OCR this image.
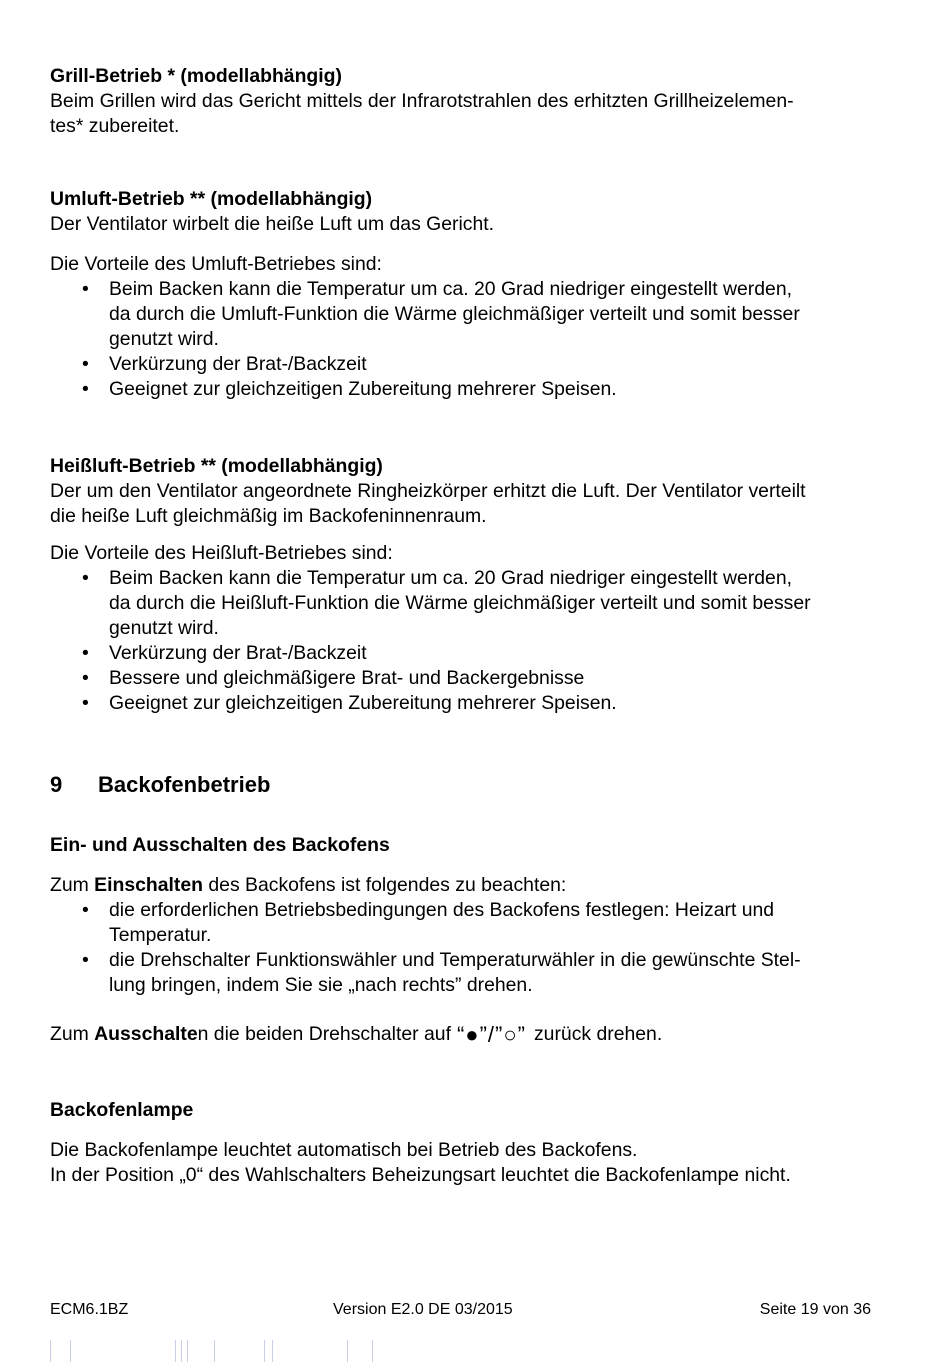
Grill-Betrieb * (modellabhängig)

Beim Grillen wird das Gericht mittels der Infrarotstrahlen des erhitzten Grillheizelemen-

tes* zubereitet.

Umluft-Betrieb ** (modellabhängig)

Der Ventilator wirbelt die heiße Luft um das Gericht.

Die Vorteile des Umluft-Betriebes sind:

• Beim Backen kann die Temperatur um ca. 20 Grad niedriger eingestellt werden,
da durch die Umluft-Funktion die Wärme gleichmäßiger verteilt und somit besser
genutzt wird.
• Verkürzung der Brat-/Backzeit
• Geeignet zur gleichzeitigen Zubereitung mehrerer Speisen.

Heißluft-Betrieb ** (modellabhängig)

Der um den Ventilator angeordnete Ringheizkörper erhitzt die Luft. Der Ventilator verteilt

die heiße Luft gleichmäßig im Backofeninnenraum.

Die Vorteile des Heißluft-Betriebes sind:

• Beim Backen kann die Temperatur um ca. 20 Grad niedriger eingestellt werden,
da durch die Heißluft-Funktion die Wärme gleichmäßiger verteilt und somit besser
genutzt wird.
• Verkürzung der Brat-/Backzeit
• Bessere und gleichmäßigere Brat- und Backergebnisse
• Geeignet zur gleichzeitigen Zubereitung mehrerer Speisen.
9 Backofenbetrieb

Ein- und Ausschalten des Backofens

Zum Einschalten des Backofens ist folgendes zu beachten:

• die erforderlichen Betriebsbedingungen des Backofens festlegen: Heizart und
Temperatur.
• die Drehschalter Funktionswähler und Temperaturwähler in die gewünschte Stel-
lung bringen, indem Sie sie „nach rechts” drehen.

Zum Ausschalten die beiden Drehschalter auf “●”/”○” zurück drehen.

Backofenlampe

Die Backofenlampe leuchtet automatisch bei Betrieb des Backofens.

In der Position „0“ des Wahlschalters Beheizungsart leuchtet die Backofenlampe nicht.

ECM6.1BZ	Version E2.0 DE 03/2015	Seite 19 von 36
